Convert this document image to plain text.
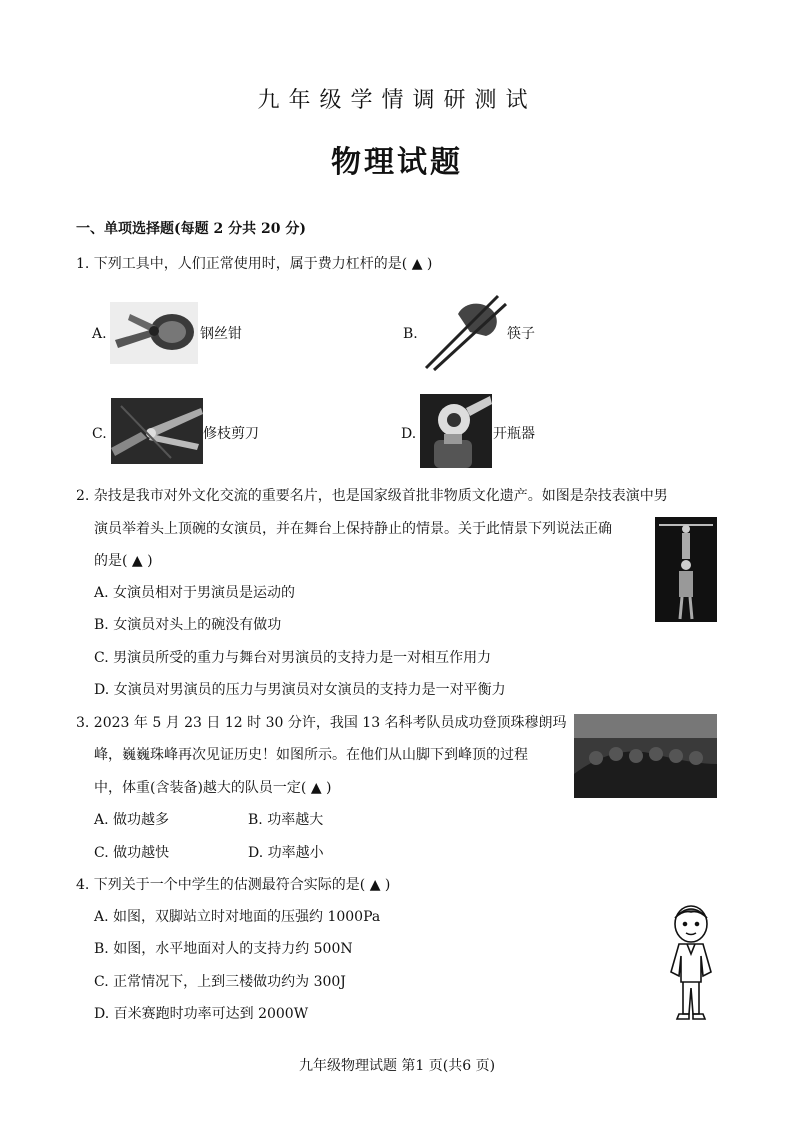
九年级学情调研测试
物理试题
一、单项选择题(每题 2 分共 20 分)
1. 下列工具中，人们正常使用时，属于费力杠杆的是( ▲ )
A.	钢丝钳	B.	筷子
C.	修枝剪刀	D.	开瓶器
2. 杂技是我市对外文化交流的重要名片，也是国家级首批非物质文化遗产。如图是杂技表演中男
演员举着头上顶碗的女演员，并在舞台上保持静止的情景。关于此情景下列说法正确
的是( ▲ )
A. 女演员相对于男演员是运动的
B. 女演员对头上的碗没有做功
C. 男演员所受的重力与舞台对男演员的支持力是一对相互作用力
D. 女演员对男演员的压力与男演员对女演员的支持力是一对平衡力
3. 2023 年 5 月 23 日 12 时 30 分许，我国 13 名科考队员成功登顶珠穆朗玛
峰，巍巍珠峰再次见证历史！如图所示。在他们从山脚下到峰顶的过程
中，体重(含装备)越大的队员一定( ▲ )
A. 做功越多	B. 功率越大
C. 做功越快	D. 功率越小
4. 下列关于一个中学生的估测最符合实际的是( ▲ )
A. 如图，双脚站立时对地面的压强约 1000Pa
B. 如图，水平地面对人的支持力约 500N
C. 正常情况下，上到三楼做功约为 300J
D. 百米赛跑时功率可达到 2000W
九年级物理试题 第1 页(共6 页)
